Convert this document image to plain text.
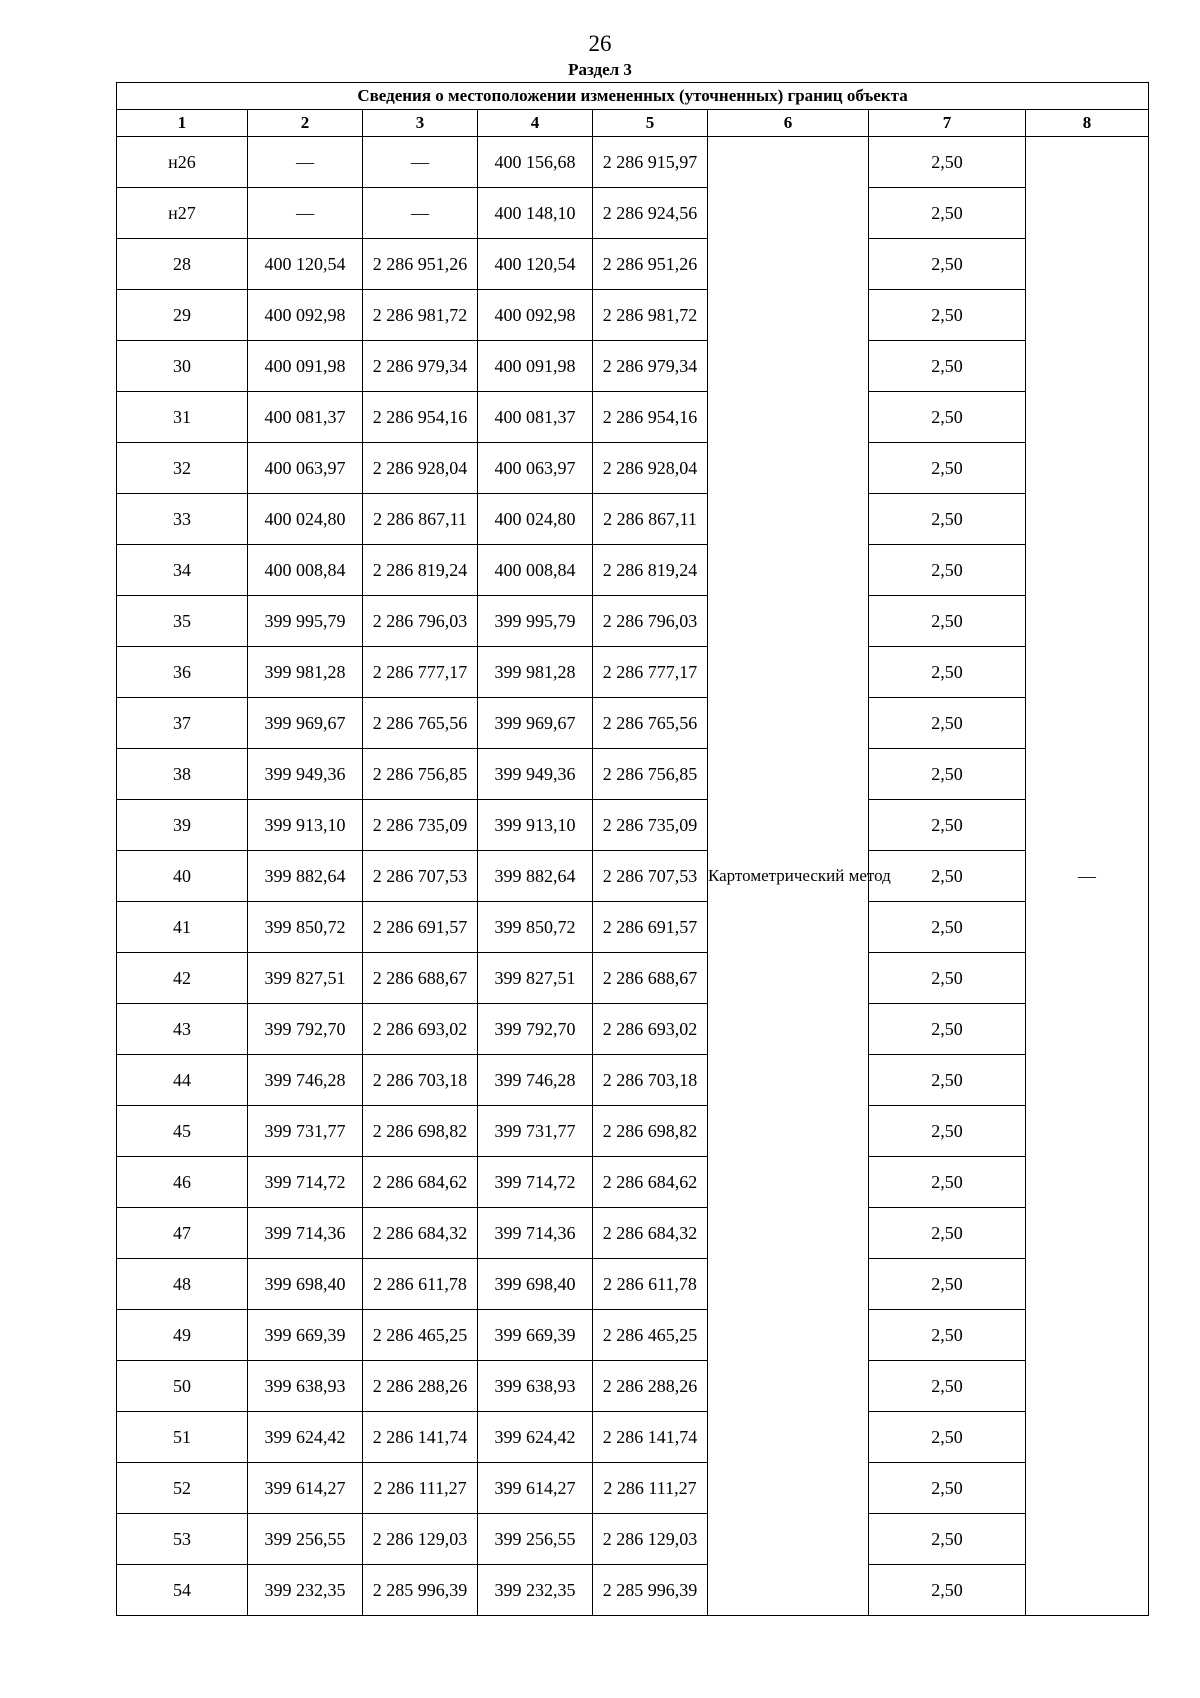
26
Раздел 3
Сведения о местоположении измененных (уточненных) границ объекта							
1	2	3	4	5	6	7	8
н26	—	—	400 156,68	2 286 915,97	Картометрический метод	2,50	—
н27	—	—	400 148,10	2 286 924,56		2,50	
28	400 120,54	2 286 951,26	400 120,54	2 286 951,26		2,50	
29	400 092,98	2 286 981,72	400 092,98	2 286 981,72		2,50	
30	400 091,98	2 286 979,34	400 091,98	2 286 979,34		2,50	
31	400 081,37	2 286 954,16	400 081,37	2 286 954,16		2,50	
32	400 063,97	2 286 928,04	400 063,97	2 286 928,04		2,50	
33	400 024,80	2 286 867,11	400 024,80	2 286 867,11		2,50	
34	400 008,84	2 286 819,24	400 008,84	2 286 819,24		2,50	
35	399 995,79	2 286 796,03	399 995,79	2 286 796,03		2,50	
36	399 981,28	2 286 777,17	399 981,28	2 286 777,17		2,50	
37	399 969,67	2 286 765,56	399 969,67	2 286 765,56		2,50	
38	399 949,36	2 286 756,85	399 949,36	2 286 756,85		2,50	
39	399 913,10	2 286 735,09	399 913,10	2 286 735,09		2,50	
40	399 882,64	2 286 707,53	399 882,64	2 286 707,53		2,50	
41	399 850,72	2 286 691,57	399 850,72	2 286 691,57		2,50	
42	399 827,51	2 286 688,67	399 827,51	2 286 688,67		2,50	
43	399 792,70	2 286 693,02	399 792,70	2 286 693,02		2,50	
44	399 746,28	2 286 703,18	399 746,28	2 286 703,18		2,50	
45	399 731,77	2 286 698,82	399 731,77	2 286 698,82		2,50	
46	399 714,72	2 286 684,62	399 714,72	2 286 684,62		2,50	
47	399 714,36	2 286 684,32	399 714,36	2 286 684,32		2,50	
48	399 698,40	2 286 611,78	399 698,40	2 286 611,78		2,50	
49	399 669,39	2 286 465,25	399 669,39	2 286 465,25		2,50	
50	399 638,93	2 286 288,26	399 638,93	2 286 288,26		2,50	
51	399 624,42	2 286 141,74	399 624,42	2 286 141,74		2,50	
52	399 614,27	2 286 111,27	399 614,27	2 286 111,27		2,50	
53	399 256,55	2 286 129,03	399 256,55	2 286 129,03		2,50	
54	399 232,35	2 285 996,39	399 232,35	2 285 996,39		2,50	
